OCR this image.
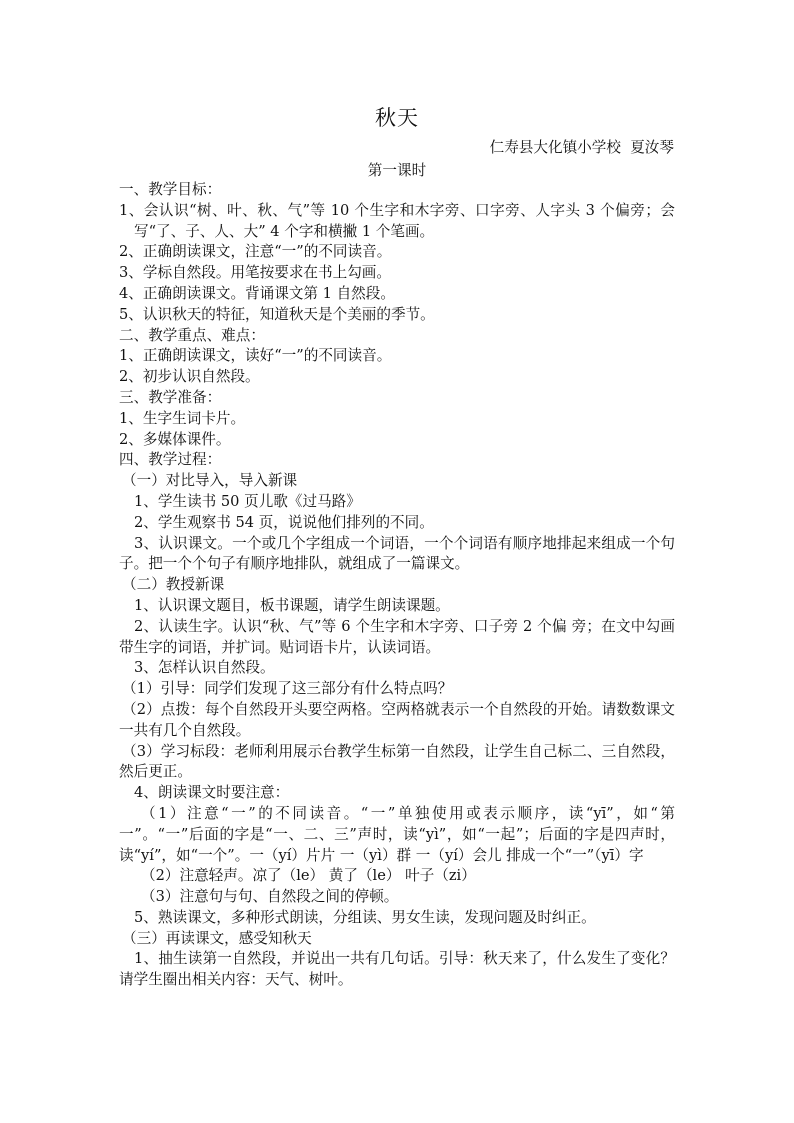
秋天
仁寿县大化镇小学校  夏汝琴
第一课时

一、教学目标：

1、会认识“树、叶、秋、气”等 10 个生字和木字旁、口字旁、人字头 3 个偏旁；会写“了、子、人、大” 4 个字和横撇 1 个笔画。

2、正确朗读课文，注意“一”的不同读音。

3、学标自然段。用笔按要求在书上勾画。

4、正确朗读课文。背诵课文第 1 自然段。

5、认识秋天的特征，知道秋天是个美丽的季节。

二、教学重点、难点：

1、正确朗读课文，读好“一”的不同读音。

2、初步认识自然段。

三、教学准备：

1、生字生词卡片。

2、多媒体课件。

四、教学过程：

（一）对比导入，导入新课

1、学生读书 50 页儿歌《过马路》

2、学生观察书 54 页，说说他们排列的不同。

3、认识课文。一个或几个字组成一个词语，一个个词语有顺序地排起来组成一个句子。把一个个句子有顺序地排队，就组成了一篇课文。

（二）教授新课

1、认识课文题目，板书课题，请学生朗读课题。

2、认读生字。认识“秋、气”等 6 个生字和木字旁、口子旁 2 个偏 旁；在文中勾画带生字的词语，并扩词。贴词语卡片，认读词语。

3、怎样认识自然段。

（1）引导：同学们发现了这三部分有什么特点吗？

（2）点拨：每个自然段开头要空两格。空两格就表示一个自然段的开始。请数数课文一共有几个自然段。

（3）学习标段：老师利用展示台教学生标第一自然段，让学生自己标二、三自然段，然后更正。

4、朗读课文时要注意：

（1）注意“一”的不同读音。“一”单独使用或表示顺序，读“yī”，如“第一”。“一”后面的字是“一、二、三”声时，读“yì”，如“一起”；后面的字是四声时，读“yí”，如“一个”。一（yí）片片 一（yì）群 一（yí）会儿 排成一个“一”（yī）字

（2）注意轻声。凉了（le） 黄了（le） 叶子（zi）

（3）注意句与句、自然段之间的停顿。

5、熟读课文，多种形式朗读，分组读、男女生读，发现问题及时纠正。

（三）再读课文，感受知秋天

1、抽生读第一自然段，并说出一共有几句话。引导：秋天来了，什么发生了变化？ 请学生圈出相关内容：天气、树叶。
